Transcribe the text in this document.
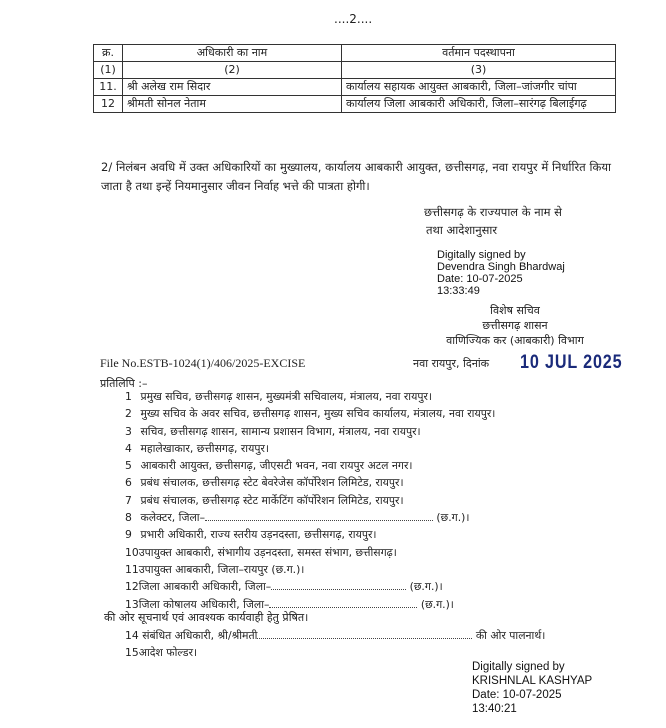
....2....
क्र.	अधिकारी का नाम	वर्तमान पदस्थापना
(1)	(2)	(3)
11.	श्री अलेख राम सिदार	कार्यालय सहायक आयुक्त आबकारी, जिला–जांजगीर चांपा
12	श्रीमती सोनल नेताम	कार्यालय जिला आबकारी अधिकारी, जिला–सारंगढ़ बिलाईगढ़
2/ निलंबन अवधि में उक्त अधिकारियों का मुख्यालय, कार्यालय आबकारी आयुक्त, छत्तीसगढ़, नवा रायपुर में निर्धारित किया जाता है तथा इन्हें नियमानुसार जीवन निर्वाह भत्ते की पात्रता होगी।
छत्तीसगढ़ के राज्यपाल के नाम से
तथा आदेशानुसार
Digitally signed by
Devendra Singh Bhardwaj
Date: 10-07-2025
13:33:49
विशेष सचिव
छत्तीसगढ़ शासन
वाणिज्यिक कर (आबकारी) विभाग
File No.ESTB-1024(1)/406/2025-EXCISE	नवा रायपुर, दिनांक 10 JUL 2025
प्रतिलिपि :–
1 प्रमुख सचिव, छत्तीसगढ़ शासन, मुख्यमंत्री सचिवालय, मंत्रालय, नवा रायपुर।
2 मुख्य सचिव के अवर सचिव, छत्तीसगढ़ शासन, मुख्य सचिव कार्यालय, मंत्रालय, नवा रायपुर।
3 सचिव, छत्तीसगढ़ शासन, सामान्य प्रशासन विभाग, मंत्रालय, नवा रायपुर।
4 महालेखाकार, छत्तीसगढ़, रायपुर।
5 आबकारी आयुक्त, छत्तीसगढ़, जीएसटी भवन, नवा रायपुर अटल नगर।
6 प्रबंध संचालक, छत्तीसगढ़ स्टेट बेवरेजेस कॉर्पोरेशन लिमिटेड, रायपुर।
7 प्रबंध संचालक, छत्तीसगढ़ स्टेट मार्केटिंग कॉर्पोरेशन लिमिटेड, रायपुर।
8 कलेक्टर, जिला–	(छ.ग.)।
9 प्रभारी अधिकारी, राज्य स्तरीय उड़नदस्ता, छत्तीसगढ़, रायपुर।
10उपायुक्त आबकारी, संभागीय उड़नदस्ता, समस्त संभाग, छत्तीसगढ़।
11उपायुक्त आबकारी, जिला–रायपुर (छ.ग.)।
12जिला आबकारी अधिकारी, जिला–	(छ.ग.)।
13जिला कोषालय अधिकारी, जिला–	(छ.ग.)।
की ओर सूचनार्थ एवं आवश्यक कार्यवाही हेतु प्रेषित।
14 संबंधित अधिकारी, श्री/श्रीमती	की ओर पालनार्थ।
15आदेश फोल्डर।
Digitally signed by
KRISHNLAL KASHYAP
Date: 10-07-2025
13:40:21
